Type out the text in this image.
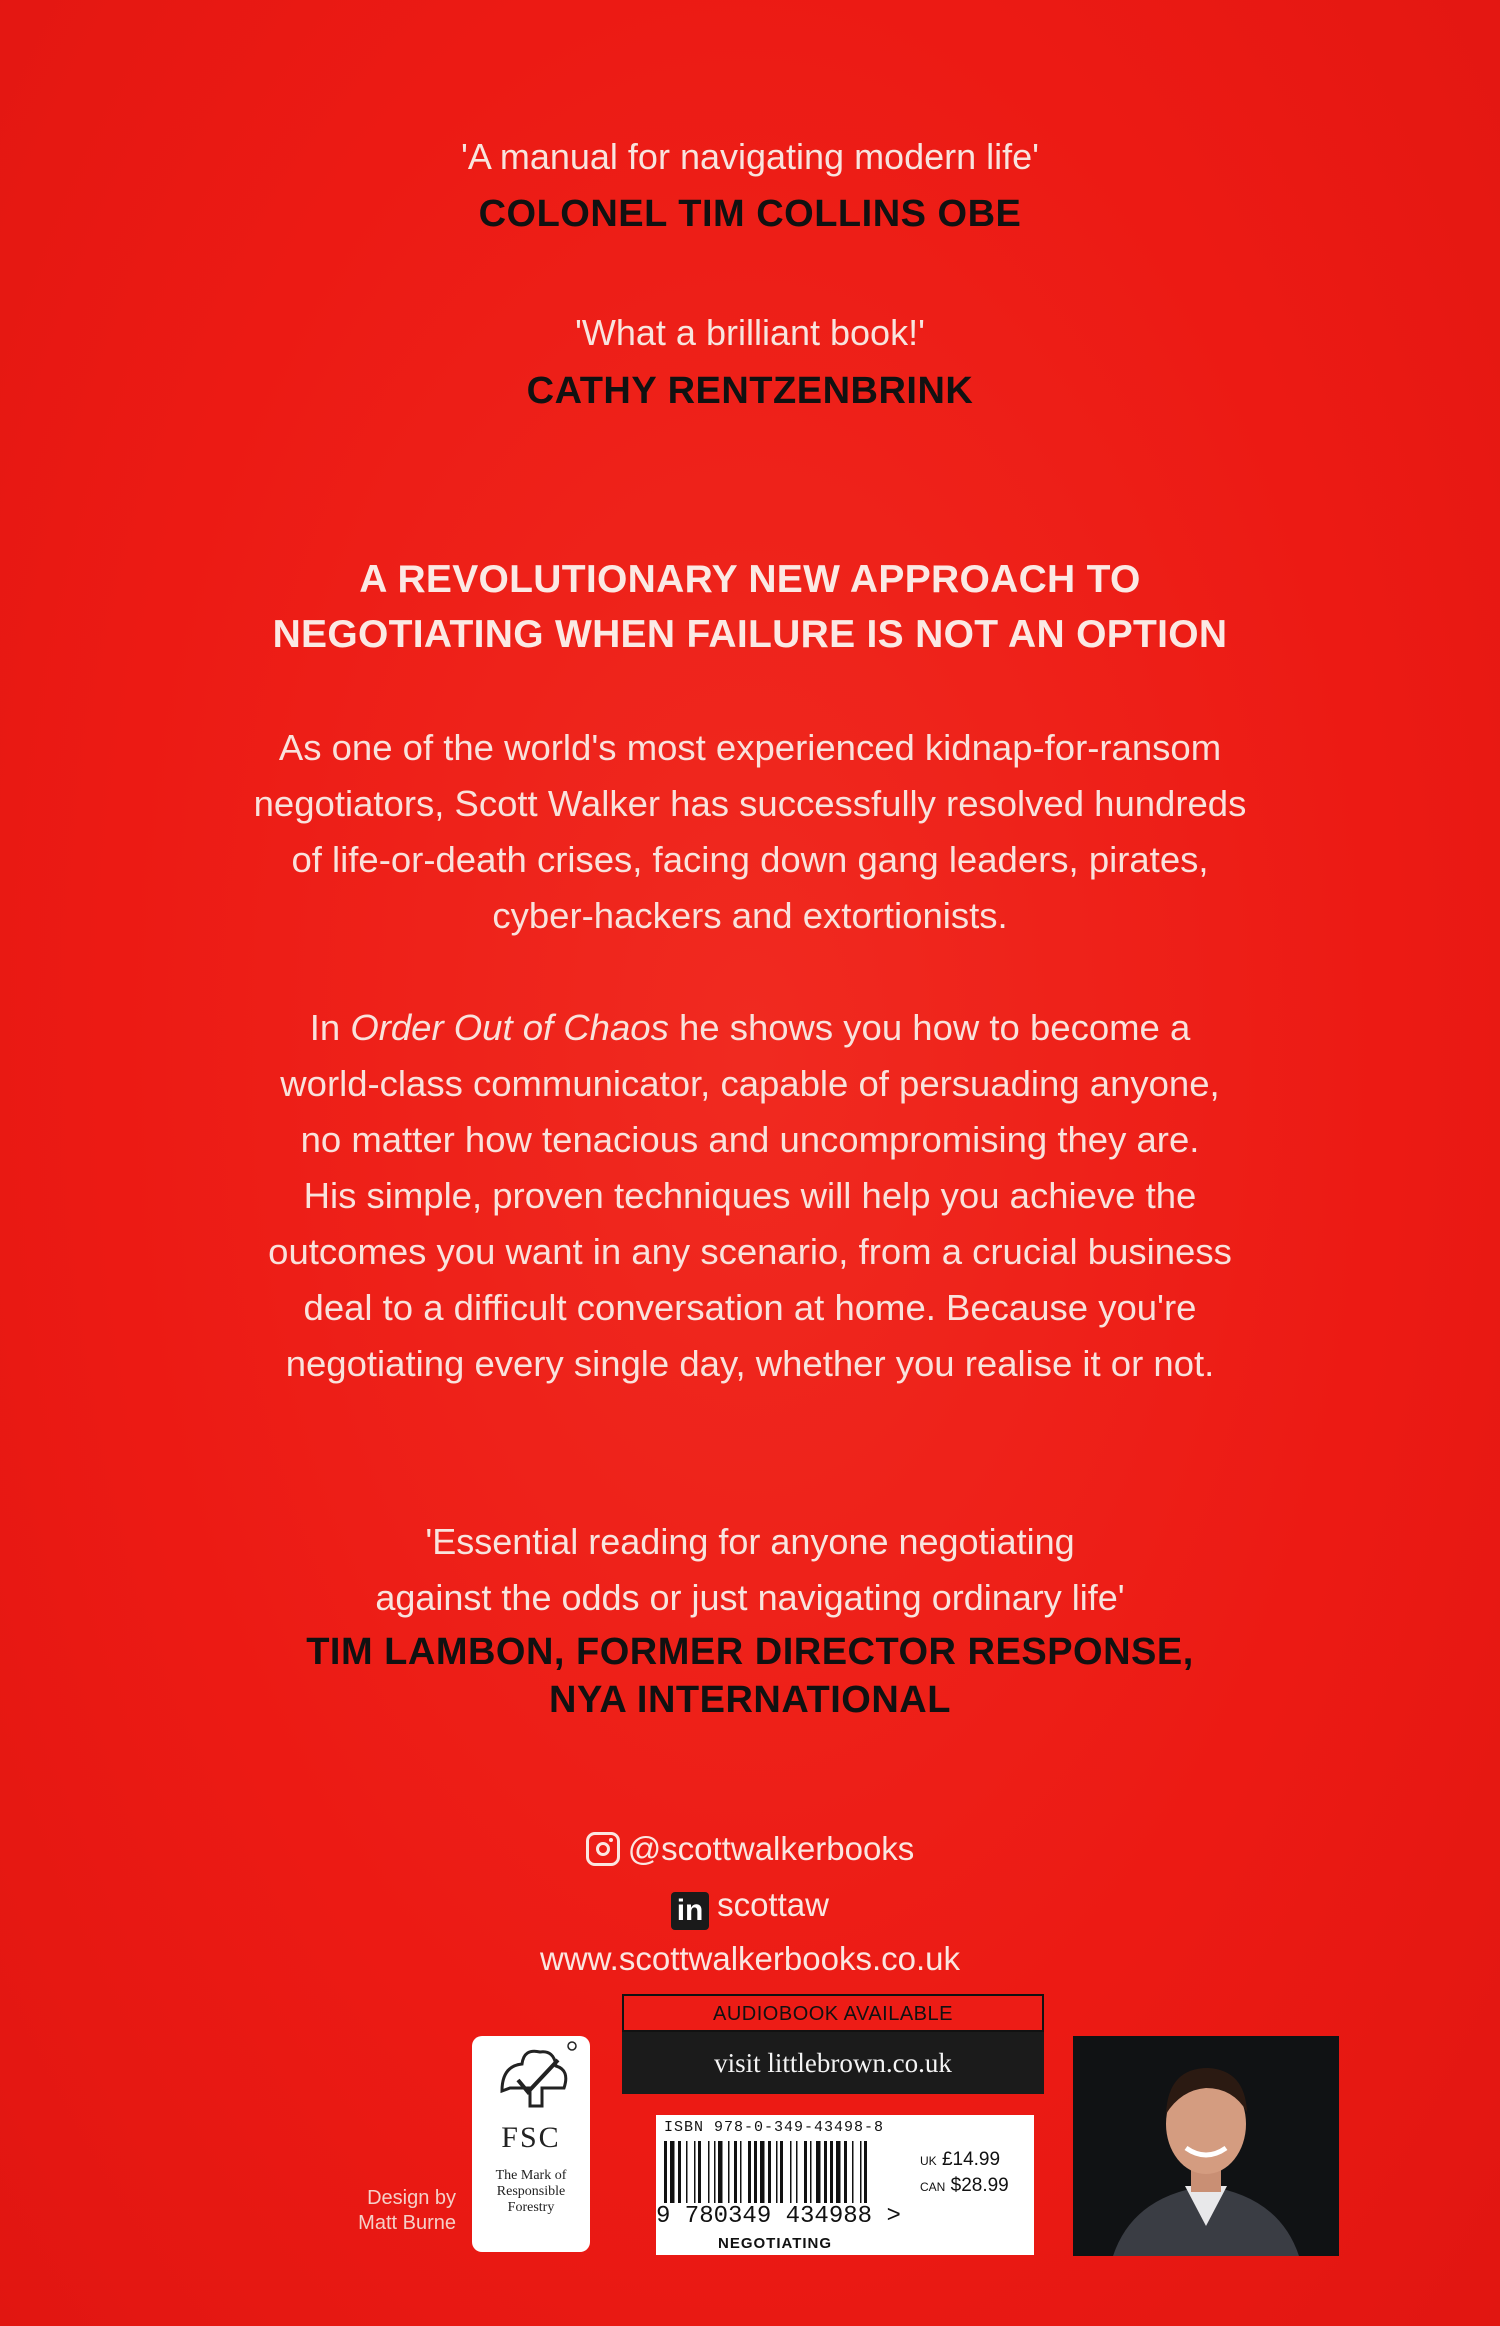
'A manual for navigating modern life'
COLONEL TIM COLLINS OBE
'What a brilliant book!'
CATHY RENTZENBRINK
A REVOLUTIONARY NEW APPROACH TO
NEGOTIATING WHEN FAILURE IS NOT AN OPTION
As one of the world's most experienced kidnap-for-ransom
negotiators, Scott Walker has successfully resolved hundreds
of life-or-death crises, facing down gang leaders, pirates,
cyber-hackers and extortionists.
In Order Out of Chaos he shows you how to become a
world-class communicator, capable of persuading anyone,
no matter how tenacious and uncompromising they are.
His simple, proven techniques will help you achieve the
outcomes you want in any scenario, from a crucial business
deal to a difficult conversation at home. Because you're
negotiating every single day, whether you realise it or not.
'Essential reading for anyone negotiating
against the odds or just navigating ordinary life'
TIM LAMBON, FORMER DIRECTOR RESPONSE,
NYA INTERNATIONAL
@scottwalkerbooks
in scottaw
www.scottwalkerbooks.co.uk
Design by
Matt Burne
FSC
The Mark of
Responsible
Forestry
AUDIOBOOK AVAILABLE
visit littlebrown.co.uk
ISBN 978-0-349-43498-8
9 780349 434988 >
UK £14.99
CAN $28.99
NEGOTIATING
